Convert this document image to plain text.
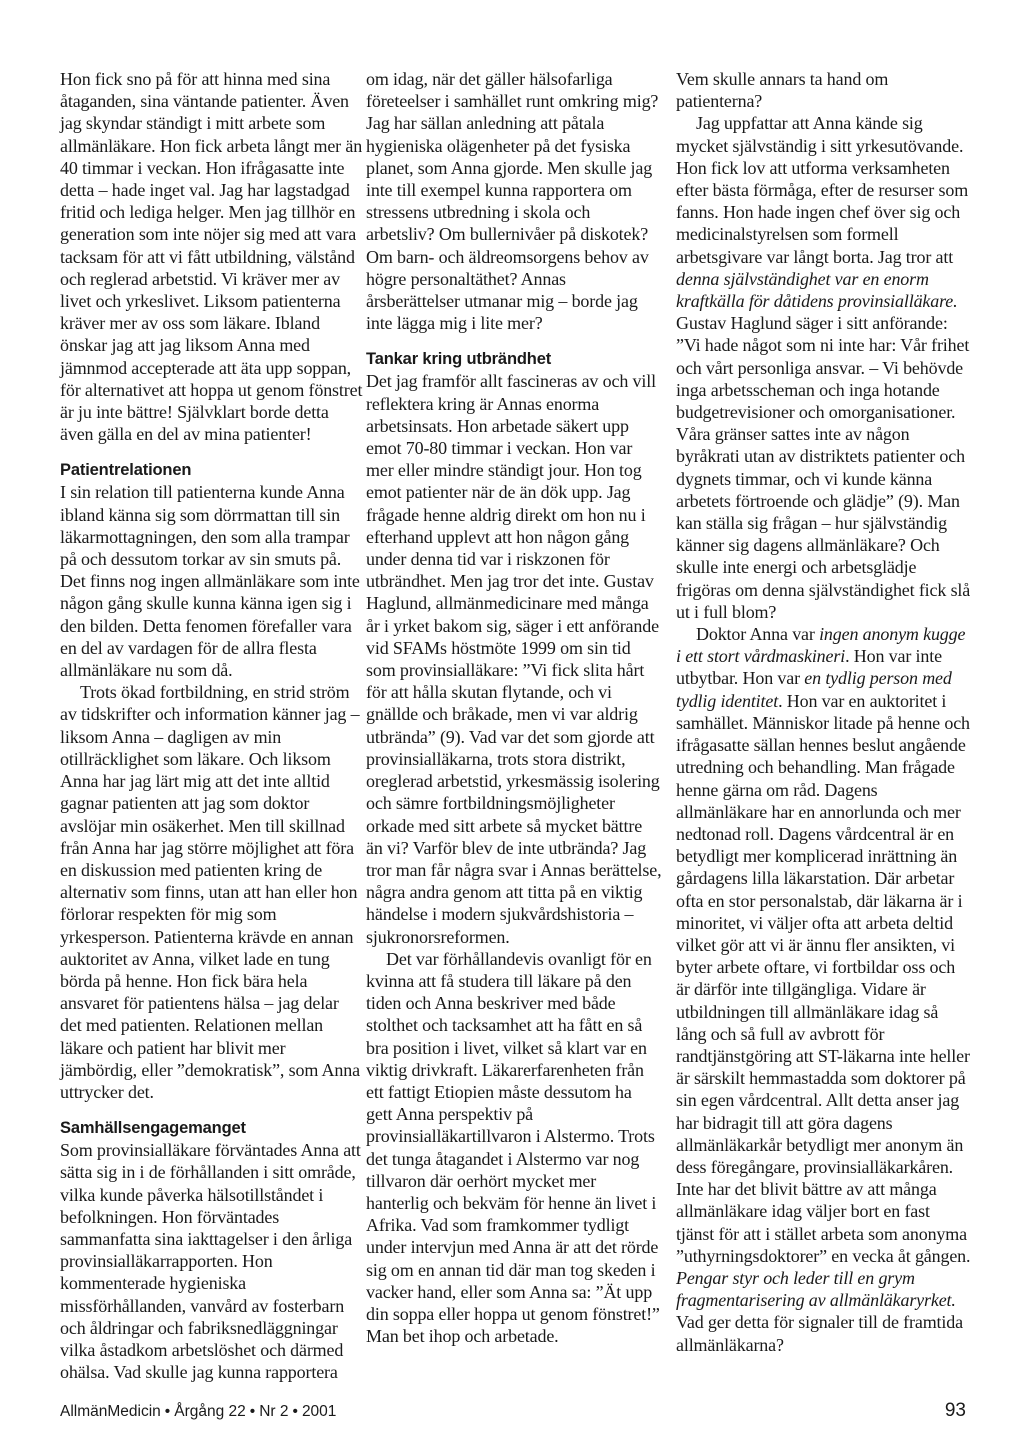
Hon fick sno på för att hinna med sina åtaganden, sina väntande patienter. Även jag skyndar ständigt i mitt arbete som allmänläkare. Hon fick arbeta långt mer än 40 timmar i veckan. Hon ifrågasatte inte detta – hade inget val. Jag har lagstadgad fritid och lediga helger. Men jag tillhör en generation som inte nöjer sig med att vara tacksam för att vi fått utbildning, välstånd och reglerad arbetstid. Vi kräver mer av livet och yrkeslivet. Liksom patienterna kräver mer av oss som läkare. Ibland önskar jag att jag liksom Anna med jämnmod accepterade att äta upp soppan, för alternativet att hoppa ut genom fönstret är ju inte bättre! Självklart borde detta även gälla en del av mina patienter!

Patientrelationen

I sin relation till patienterna kunde Anna ibland känna sig som dörrmattan till sin läkarmottagningen, den som alla trampar på och dessutom torkar av sin smuts på. Det finns nog ingen allmänläkare som inte någon gång skulle kunna känna igen sig i den bilden. Detta fenomen förefaller vara en del av vardagen för de allra flesta allmänläkare nu som då.

Trots ökad fortbildning, en strid ström av tidskrifter och information känner jag – liksom Anna – dagligen av min otillräcklighet som läkare. Och liksom Anna har jag lärt mig att det inte alltid gagnar patienten att jag som doktor avslöjar min osäkerhet. Men till skillnad från Anna har jag större möjlighet att föra en diskussion med patienten kring de alternativ som finns, utan att han eller hon förlorar respekten för mig som yrkesperson. Patienterna krävde en annan auktoritet av Anna, vilket lade en tung börda på henne. Hon fick bära hela ansvaret för patientens hälsa – jag delar det med patienten. Relationen mellan läkare och patient har blivit mer jämbördig, eller ”demokratisk”, som Anna uttrycker det.

Samhällsengagemanget

Som provinsialläkare förväntades Anna att sätta sig in i de förhållanden i sitt område, vilka kunde påverka hälsotillståndet i befolkningen. Hon förväntades sammanfatta sina iakttagelser i den årliga provinsialläkarrapporten. Hon kommenterade hygieniska missförhållanden, vanvård av fosterbarn och åldringar och fabriksnedläggningar vilka åstadkom arbetslöshet och därmed ohälsa. Vad skulle jag kunna rapportera

om idag, när det gäller hälsofarliga företeelser i samhället runt omkring mig? Jag har sällan anledning att påtala hygieniska olägenheter på det fysiska planet, som Anna gjorde. Men skulle jag inte till exempel kunna rapportera om stressens utbredning i skola och arbetsliv? Om bullernivåer på diskotek? Om barn- och äldreomsorgens behov av högre personaltäthet? Annas årsberättelser utmanar mig – borde jag inte lägga mig i lite mer?

Tankar kring utbrändhet

Det jag framför allt fascineras av och vill reflektera kring är Annas enorma arbetsinsats. Hon arbetade säkert upp emot 70-80 timmar i veckan. Hon var mer eller mindre ständigt jour. Hon tog emot patienter när de än dök upp. Jag frågade henne aldrig direkt om hon nu i efterhand upplevt att hon någon gång under denna tid var i riskzonen för utbrändhet. Men jag tror det inte. Gustav Haglund, allmänmedicinare med många år i yrket bakom sig, säger i ett anförande vid SFAMs höstmöte 1999 om sin tid som provinsialläkare: ”Vi fick slita hårt för att hålla skutan flytande, och vi gnällde och bråkade, men vi var aldrig utbrända” (9). Vad var det som gjorde att provinsialläkarna, trots stora distrikt, oreglerad arbetstid, yrkesmässig isolering och sämre fortbildningsmöjligheter orkade med sitt arbete så mycket bättre än vi? Varför blev de inte utbrända? Jag tror man får några svar i Annas berättelse, några andra genom att titta på en viktig händelse i modern sjukvårdshistoria – sjukronorsreformen.

Det var förhållandevis ovanligt för en kvinna att få studera till läkare på den tiden och Anna beskriver med både stolthet och tacksamhet att ha fått en så bra position i livet, vilket så klart var en viktig drivkraft. Läkarerfarenheten från ett fattigt Etiopien måste dessutom ha gett Anna perspektiv på provinsialläkartillvaron i Alstermo. Trots det tunga åtagandet i Alstermo var nog tillvaron där oerhört mycket mer hanterlig och bekväm för henne än livet i Afrika. Vad som framkommer tydligt under intervjun med Anna är att det rörde sig om en annan tid där man tog skeden i vacker hand, eller som Anna sa: ”Ät upp din soppa eller hoppa ut genom fönstret!” Man bet ihop och arbetade.

Vem skulle annars ta hand om patienterna?

Jag uppfattar att Anna kände sig mycket självständig i sitt yrkesutövande. Hon fick lov att utforma verksamheten efter bästa förmåga, efter de resurser som fanns. Hon hade ingen chef över sig och medicinalstyrelsen som formell arbetsgivare var långt borta. Jag tror att denna självständighet var en enorm kraftkälla för dåtidens provinsialläkare. Gustav Haglund säger i sitt anförande: ”Vi hade något som ni inte har: Vår frihet och vårt personliga ansvar. – Vi behövde inga arbetsscheman och inga hotande budgetrevisioner och omorganisationer. Våra gränser sattes inte av någon byråkrati utan av distriktets patienter och dygnets timmar, och vi kunde känna arbetets förtroende och glädje” (9). Man kan ställa sig frågan – hur självständig känner sig dagens allmänläkare? Och skulle inte energi och arbetsglädje frigöras om denna självständighet fick slå ut i full blom?

Doktor Anna var ingen anonym kugge i ett stort vårdmaskineri. Hon var inte utbytbar. Hon var en tydlig person med tydlig identitet. Hon var en auktoritet i samhället. Människor litade på henne och ifrågasatte sällan hennes beslut angående utredning och behandling. Man frågade henne gärna om råd. Dagens allmänläkare har en annorlunda och mer nedtonad roll. Dagens vårdcentral är en betydligt mer komplicerad inrättning än gårdagens lilla läkarstation. Där arbetar ofta en stor personalstab, där läkarna är i minoritet, vi väljer ofta att arbeta deltid vilket gör att vi är ännu fler ansikten, vi byter arbete oftare, vi fortbildar oss och är därför inte tillgängliga. Vidare är utbildningen till allmänläkare idag så lång och så full av avbrott för randtjänstgöring att ST-läkarna inte heller är särskilt hemmastadda som doktorer på sin egen vårdcentral. Allt detta anser jag har bidragit till att göra dagens allmänläkarkår betydligt mer anonym än dess föregångare, provinsialläkarkåren. Inte har det blivit bättre av att många allmänläkare idag väljer bort en fast tjänst för att i stället arbeta som anonyma ”uthyrningsdoktorer” en vecka åt gången. Pengar styr och leder till en grym fragmentarisering av allmänläkaryrket. Vad ger detta för signaler till de framtida allmänläkarna?

AllmänMedicin • Årgång 22 • Nr 2 • 2001	93
